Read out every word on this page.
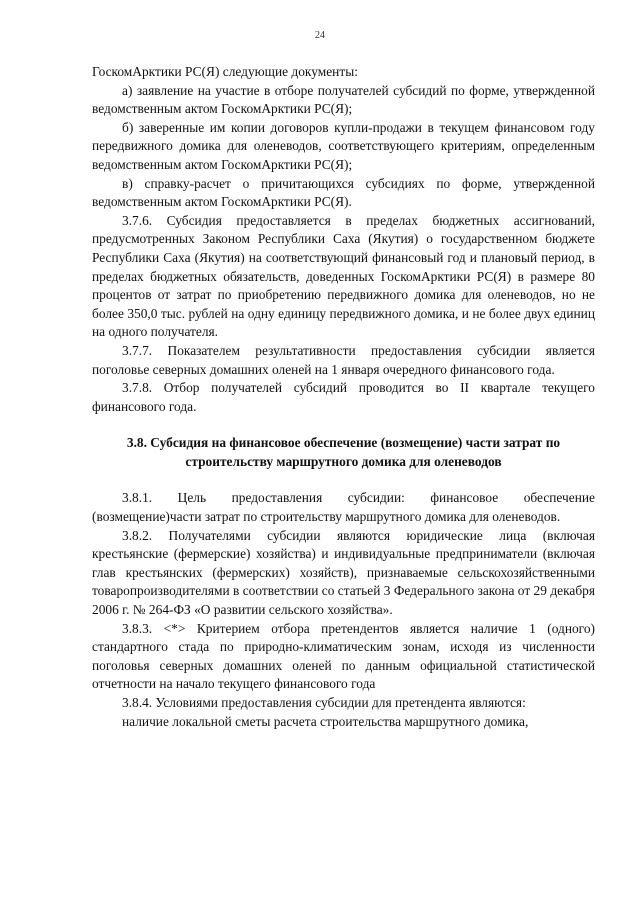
24

ГоскомАрктики РС(Я) следующие документы:

а) заявление на участие в отборе получателей субсидий по форме, утвержденной ведомственным актом ГоскомАрктики РС(Я);

б) заверенные им копии договоров купли-продажи в текущем финансовом году передвижного домика для оленеводов, соответствующего критериям, определенным ведомственным актом ГоскомАрктики РС(Я);

в) справку-расчет о причитающихся субсидиях по форме, утвержденной ведомственным актом ГоскомАрктики РС(Я).

3.7.6. Субсидия предоставляется в пределах бюджетных ассигнований, предусмотренных Законом Республики Саха (Якутия) о государственном бюджете Республики Саха (Якутия) на соответствующий финансовый год и плановый период, в пределах бюджетных обязательств, доведенных ГоскомАрктики РС(Я) в размере 80 процентов от затрат по приобретению передвижного домика для оленеводов, но не более 350,0 тыс. рублей на одну единицу передвижного домика, и не более двух единиц на одного получателя.

3.7.7. Показателем результативности предоставления субсидии является поголовье северных домашних оленей на 1 января очередного финансового года.

3.7.8. Отбор получателей субсидий проводится во II квартале текущего финансового года.

3.8. Субсидия на финансовое обеспечение (возмещение) части затрат по строительству маршрутного домика для оленеводов

3.8.1. Цель предоставления субсидии: финансовое обеспечение (возмещение)части затрат по строительству маршрутного домика для оленеводов.

3.8.2. Получателями субсидии являются юридические лица (включая крестьянские (фермерские) хозяйства) и индивидуальные предприниматели (включая глав крестьянских (фермерских) хозяйств), признаваемые сельскохозяйственными товаропроизводителями в соответствии со статьей 3 Федерального закона от 29 декабря 2006 г. № 264-ФЗ «О развитии сельского хозяйства».

3.8.3. <*> Критерием отбора претендентов является наличие 1 (одного) стандартного стада по природно-климатическим зонам, исходя из численности поголовья северных домашних оленей по данным официальной статистической отчетности на начало текущего финансового года

3.8.4. Условиями предоставления субсидии для претендента являются:

наличие локальной сметы расчета строительства маршрутного домика,
